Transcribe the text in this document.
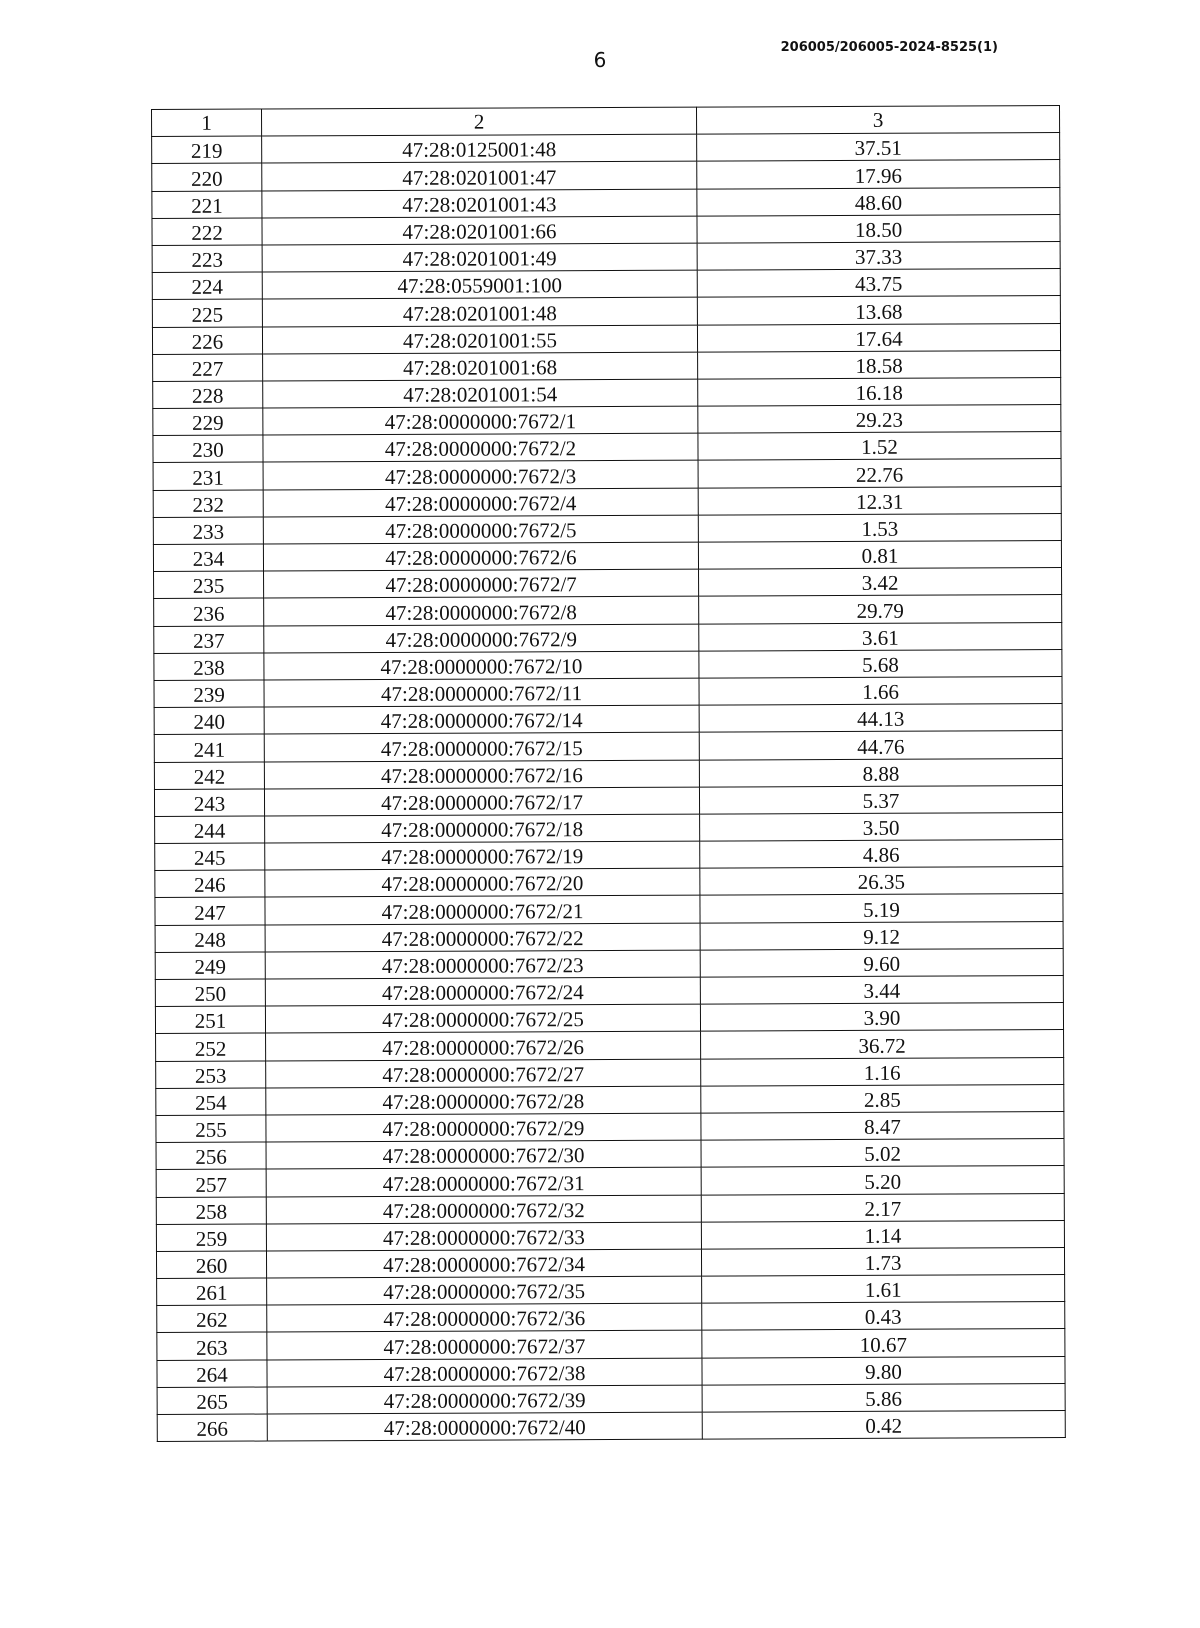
6
206005/206005-2024-8525(1)
1	2	3
219	47:28:0125001:48	37.51
220	47:28:0201001:47	17.96
221	47:28:0201001:43	48.60
222	47:28:0201001:66	18.50
223	47:28:0201001:49	37.33
224	47:28:0559001:100	43.75
225	47:28:0201001:48	13.68
226	47:28:0201001:55	17.64
227	47:28:0201001:68	18.58
228	47:28:0201001:54	16.18
229	47:28:0000000:7672/1	29.23
230	47:28:0000000:7672/2	1.52
231	47:28:0000000:7672/3	22.76
232	47:28:0000000:7672/4	12.31
233	47:28:0000000:7672/5	1.53
234	47:28:0000000:7672/6	0.81
235	47:28:0000000:7672/7	3.42
236	47:28:0000000:7672/8	29.79
237	47:28:0000000:7672/9	3.61
238	47:28:0000000:7672/10	5.68
239	47:28:0000000:7672/11	1.66
240	47:28:0000000:7672/14	44.13
241	47:28:0000000:7672/15	44.76
242	47:28:0000000:7672/16	8.88
243	47:28:0000000:7672/17	5.37
244	47:28:0000000:7672/18	3.50
245	47:28:0000000:7672/19	4.86
246	47:28:0000000:7672/20	26.35
247	47:28:0000000:7672/21	5.19
248	47:28:0000000:7672/22	9.12
249	47:28:0000000:7672/23	9.60
250	47:28:0000000:7672/24	3.44
251	47:28:0000000:7672/25	3.90
252	47:28:0000000:7672/26	36.72
253	47:28:0000000:7672/27	1.16
254	47:28:0000000:7672/28	2.85
255	47:28:0000000:7672/29	8.47
256	47:28:0000000:7672/30	5.02
257	47:28:0000000:7672/31	5.20
258	47:28:0000000:7672/32	2.17
259	47:28:0000000:7672/33	1.14
260	47:28:0000000:7672/34	1.73
261	47:28:0000000:7672/35	1.61
262	47:28:0000000:7672/36	0.43
263	47:28:0000000:7672/37	10.67
264	47:28:0000000:7672/38	9.80
265	47:28:0000000:7672/39	5.86
266	47:28:0000000:7672/40	0.42
